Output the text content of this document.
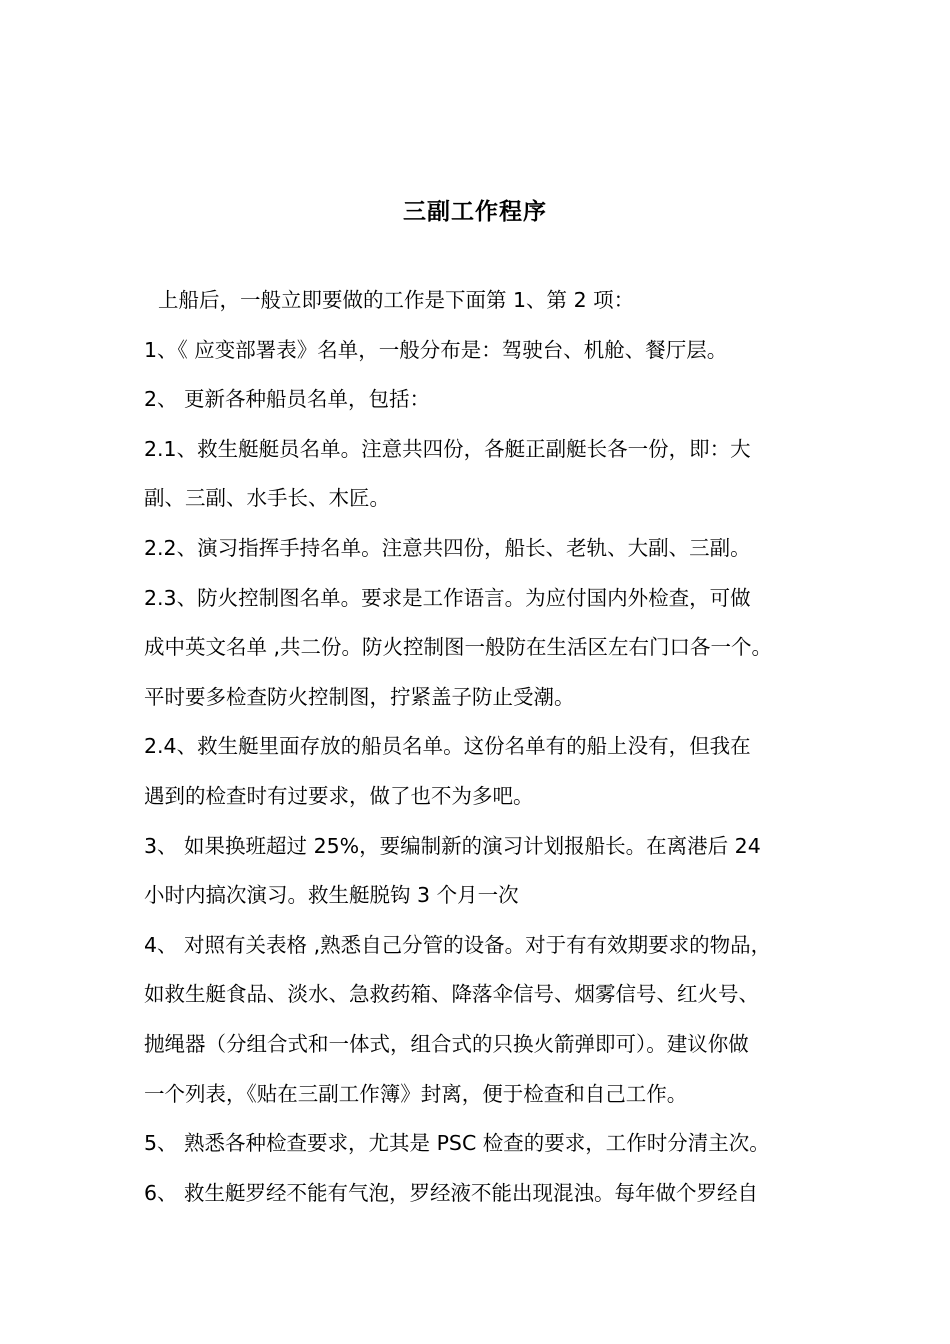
三副工作程序
上船后，一般立即要做的工作是下面第 1、第 2 项：
1、《 应变部署表》名单，一般分布是：驾驶台、机舱、餐厅层。
2、 更新各种船员名单，包括：
2.1、救生艇艇员名单。注意共四份，各艇正副艇长各一份，即：大
副、三副、水手长、木匠。
2.2、演习指挥手持名单。注意共四份，船长、老轨、大副、三副。
2.3、防火控制图名单。要求是工作语言。为应付国内外检查，可做
成中英文名单 ,共二份。防火控制图一般防在生活区左右门口各一个。
平时要多检查防火控制图，拧紧盖子防止受潮。
2.4、救生艇里面存放的船员名单。这份名单有的船上没有，但我在
遇到的检查时有过要求，做了也不为多吧。
3、 如果换班超过 25%，要编制新的演习计划报船长。在离港后 24
小时内搞次演习。救生艇脱钩 3 个月一次
4、 对照有关表格 ,熟悉自己分管的设备。对于有有效期要求的物品，
如救生艇食品、淡水、急救药箱、降落伞信号、烟雾信号、红火号、
抛绳器（分组合式和一体式，组合式的只换火箭弹即可）。建议你做
一个列表，《贴在三副工作簿》封离，便于检查和自己工作。
5、 熟悉各种检查要求，尤其是 PSC 检查的要求，工作时分清主次。
6、 救生艇罗经不能有气泡，罗经液不能出现混浊。每年做个罗经自
